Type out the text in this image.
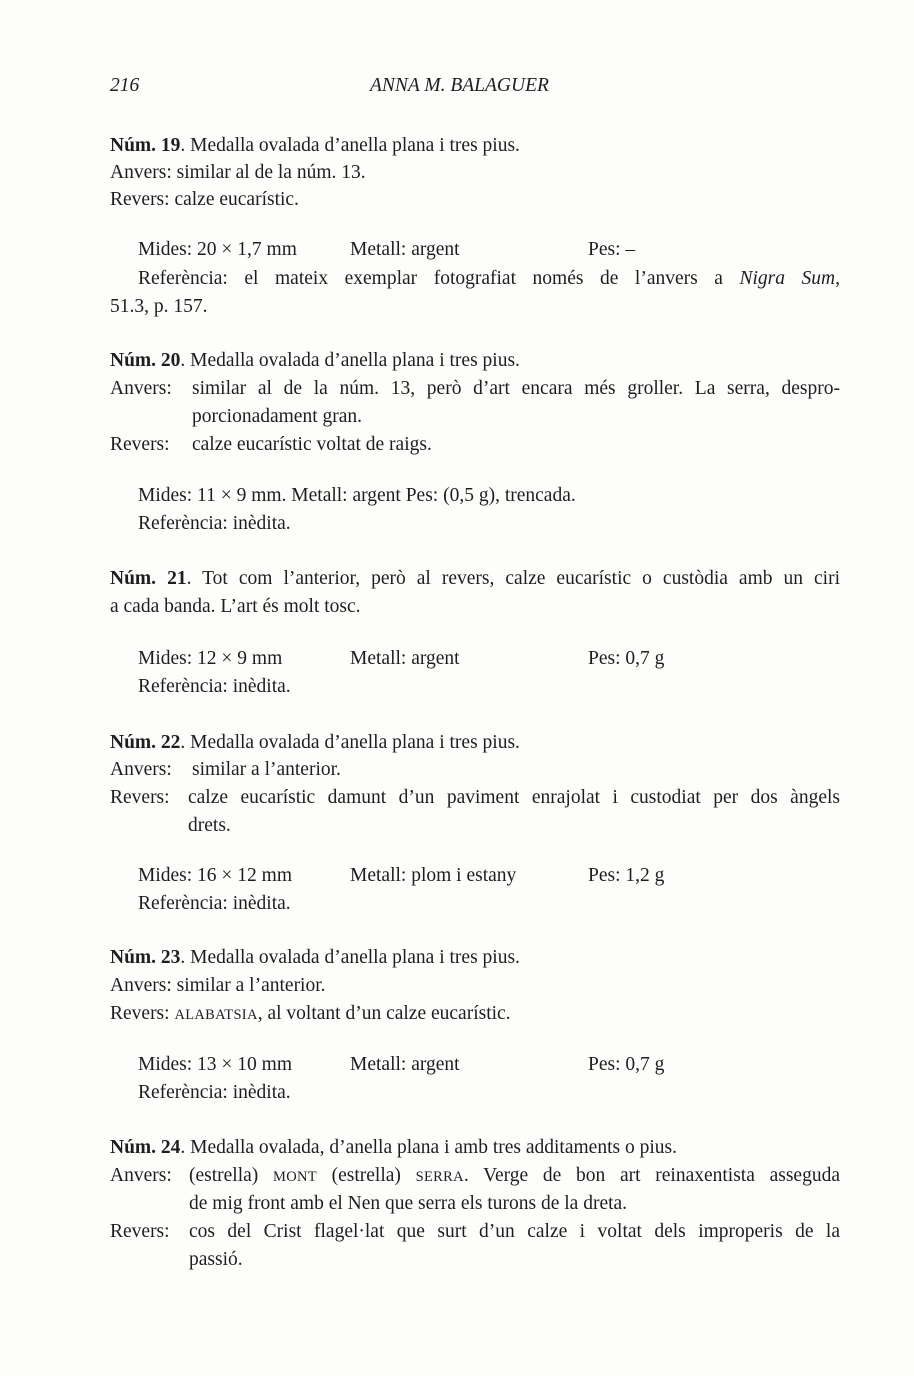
216	ANNA M. BALAGUER
Núm. 19. Medalla ovalada d’anella plana i tres pius.
Anvers: similar al de la núm. 13.
Revers: calze eucarístic.
Mides: 20 × 1,7 mm	Metall: argent	Pes: –
Referència: el mateix exemplar fotografiat només de l’anvers a Nigra Sum,
51.3, p. 157.
Núm. 20. Medalla ovalada d’anella plana i tres pius.
Anvers: similar al de la núm. 13, però d’art encara més groller. La serra, despro-
porcionadament gran.
Revers: calze eucarístic voltat de raigs.
Mides: 11 × 9 mm. Metall: argent Pes: (0,5 g), trencada.
Referència: inèdita.
Núm. 21. Tot com l’anterior, però al revers, calze eucarístic o custòdia amb un ciri
a cada banda. L’art és molt tosc.
Mides: 12 × 9 mm	Metall: argent	Pes: 0,7 g
Referència: inèdita.
Núm. 22. Medalla ovalada d’anella plana i tres pius.
Anvers: similar a l’anterior.
Revers: calze eucarístic damunt d’un paviment enrajolat i custodiat per dos àngels
drets.
Mides: 16 × 12 mm	Metall: plom i estany	Pes: 1,2 g
Referència: inèdita.
Núm. 23. Medalla ovalada d’anella plana i tres pius.
Anvers: similar a l’anterior.
Revers: ALABATSIA, al voltant d’un calze eucarístic.
Mides: 13 × 10 mm	Metall: argent	Pes: 0,7 g
Referència: inèdita.
Núm. 24. Medalla ovalada, d’anella plana i amb tres additaments o pius.
Anvers: (estrella) MONT (estrella) SERRA. Verge de bon art reinaxentista asseguda
de mig front amb el Nen que serra els turons de la dreta.
Revers: cos del Crist flagel·lat que surt d’un calze i voltat dels improperis de la
passió.
